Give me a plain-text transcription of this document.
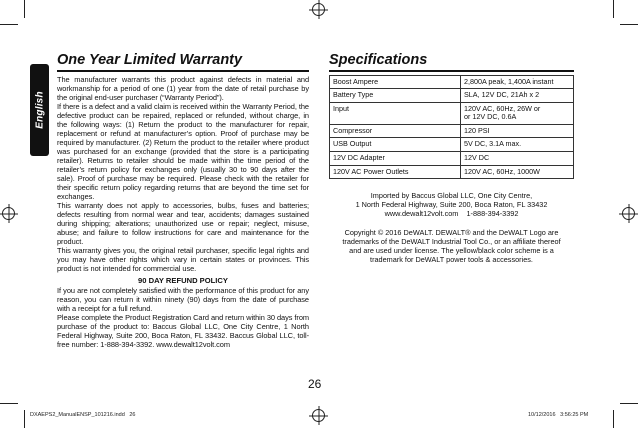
English
One Year Limited Warranty

The manufacturer warrants this product against defects in material and workmanship for a period of one (1) year from the date of retail purchase by the original end-user purchaser (“Warranty Period”).

If there is a defect and a valid claim is received within the Warranty Period, the defective product can be repaired, replaced or refunded, without charge, in the following ways: (1) Return the product to the manufacturer for repair, replacement or refund at manufacturer’s option. Proof of purchase may be required by manufacturer. (2) Return the product to the retailer where product was purchased for an exchange (provided that the store is a participating retailer). Returns to retailer should be made within the time period of the retailer’s return policy for exchanges only (usually 30 to 90 days after the sale). Proof of purchase may be required. Please check with the retailer for their specific return policy regarding returns that are beyond the time set for exchanges.

This warranty does not apply to accessories, bulbs, fuses and batteries; defects resulting from normal wear and tear, accidents; damages sustained during shipping; alterations; unauthorized use or repair; neglect, misuse, abuse; and failure to follow instructions for care and maintenance for the product.

This warranty gives you, the original retail purchaser, specific legal rights and you may have other rights which vary in certain states or provinces. This product is not intended for commercial use.

90 DAY REFUND POLICY

If you are not completely satisfied with the performance of this product for any reason, you can return it within ninety (90) days from the date of purchase with a receipt for a full refund.

Please complete the Product Registration Card and return within 30 days from purchase of the product to: Baccus Global LLC, One City Centre, 1 North Federal Highway, Suite 200, Boca Raton, FL 33432. Baccus Global LLC, toll-free number: 1-888-394-3392. www.dewalt12volt.com

Specifications
Boost Ampere	2,800A peak, 1,400A instant
Battery Type	SLA, 12V DC, 21Ah x 2
Input	120V AC, 60Hz, 26W or
or 12V DC, 0.6A
Compressor	120 PSI
USB Output	5V DC, 3.1A max.
12V DC Adapter	12V DC
120V AC Power Outlets	120V AC, 60Hz, 1000W

Imported by Baccus Global LLC, One City Centre,

1 North Federal Highway, Suite 200, Boca Raton, FL 33432

www.dewalt12volt.com    1-888-394-3392

Copyright © 2016 DeWALT. DEWALT® and the DeWALT Logo are

trademarks of the DeWALT Industrial Tool Co., or an affiliate thereof

and are used under license. The yellow/black color scheme is a

trademark for DeWALT power tools & accessories.

26
DXAEPS2_ManualENSP_101216.indd   26	10/12/2016   3:56:25 PM
